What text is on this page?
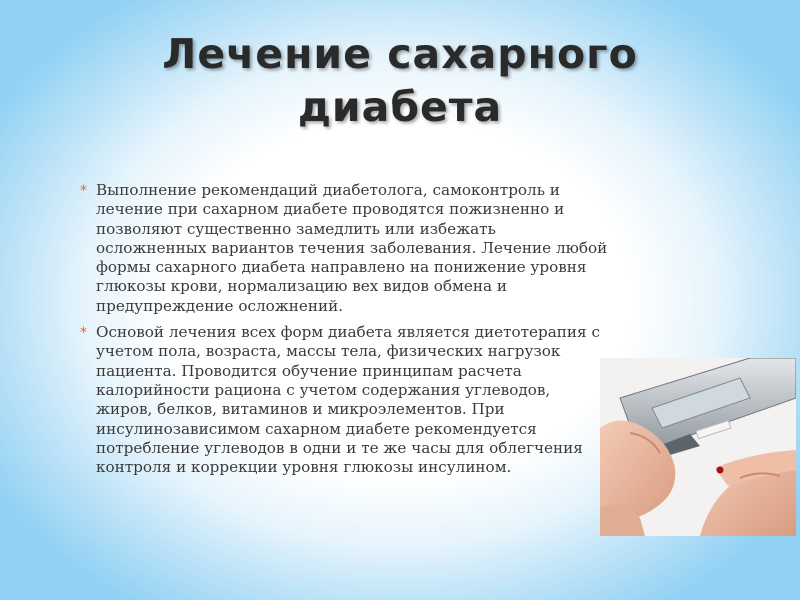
Лечение сахарного
диабета
* Выполнение рекомендаций диабетолога, самоконтроль и лечение при сахарном диабете проводятся пожизненно и позволяют существенно замедлить или избежать осложненных вариантов течения заболевания. Лечение любой формы сахарного диабета направлено на понижение уровня глюкозы крови, нормализацию вех видов обмена и предупреждение осложнений.
* Основой лечения всех форм диабета является диетотерапия с учетом пола, возраста, массы тела, физических нагрузок пациента. Проводится обучение принципам расчета калорийности рациона с учетом содержания углеводов, жиров, белков, витаминов и микроэлементов. При инсулинозависимом сахарном диабете рекомендуется потребление углеводов в одни и те же часы для облегчения контроля и коррекции уровня глюкозы инсулином.
